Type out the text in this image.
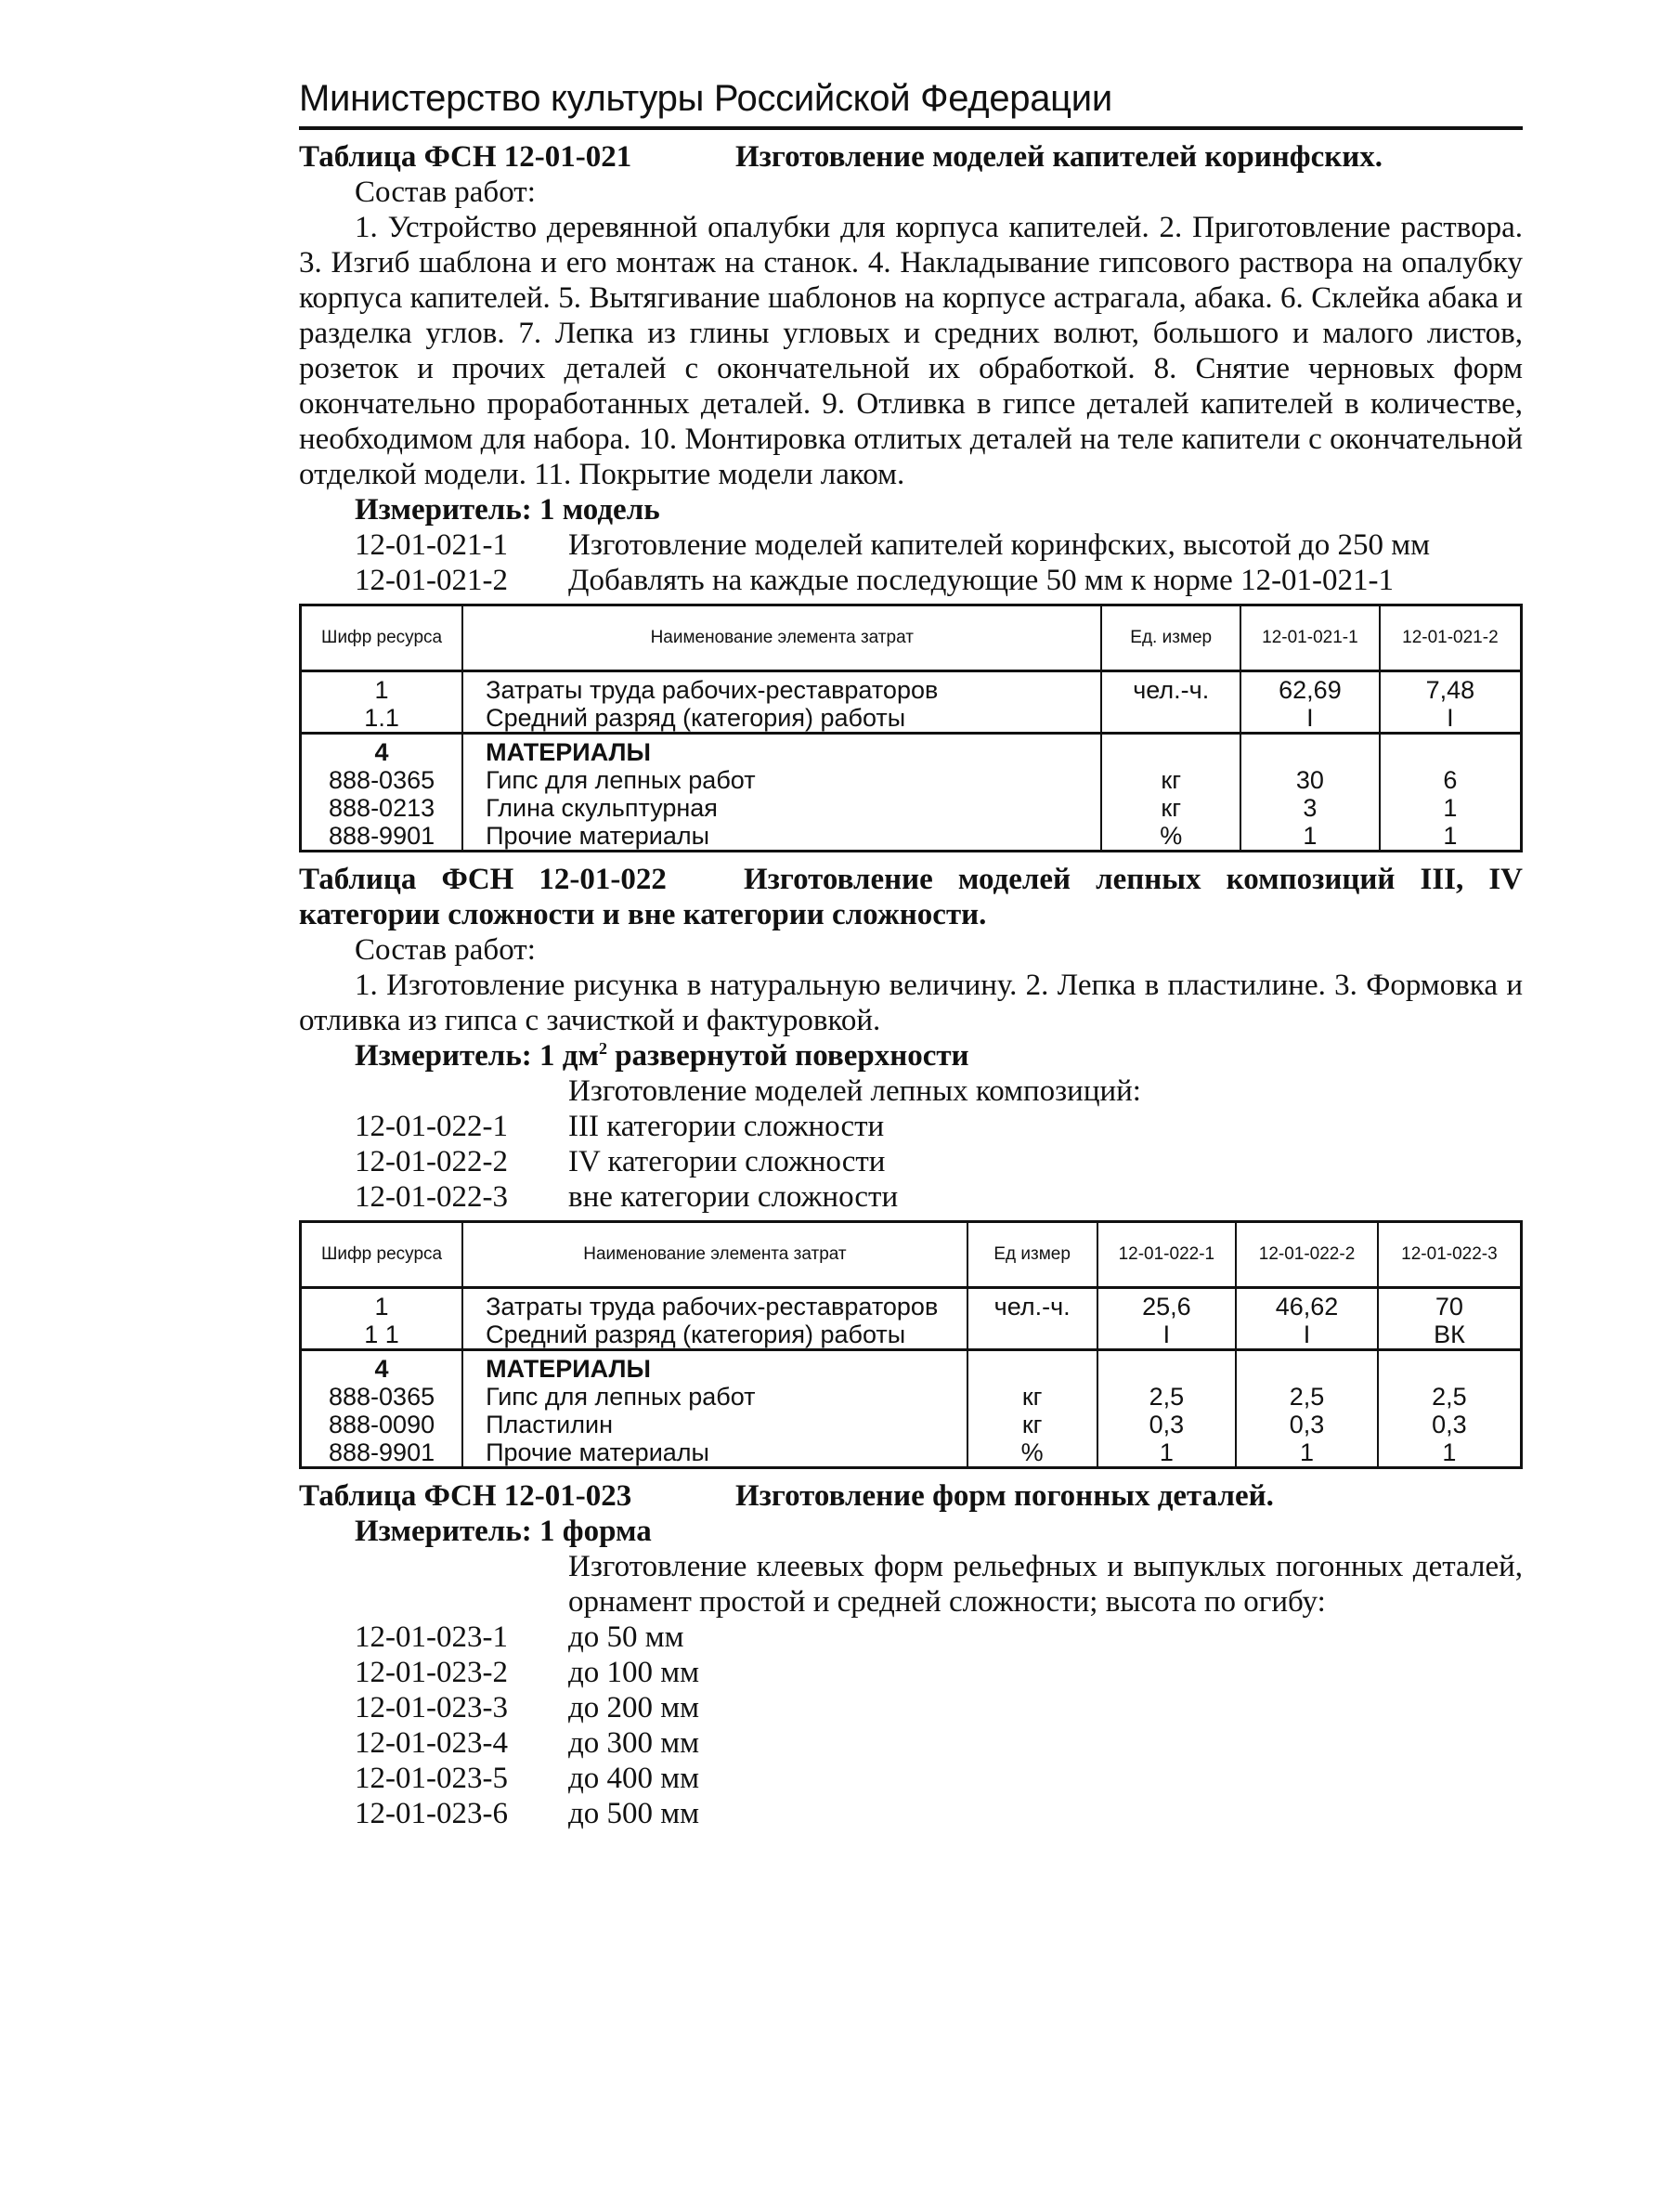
Министерство культуры Российской Федерации
Таблица ФСН 12-01-021	Изготовление моделей капителей коринфских.

Состав работ:

1. Устройство деревянной опалубки для корпуса капителей. 2. Приготовление раствора. 3. Изгиб шаблона и его монтаж на станок. 4. Накладывание гипсового раствора на опалубку корпуса капителей. 5. Вытягивание шаблонов на корпусе астрагала, абака. 6. Склейка абака и разделка углов. 7. Лепка из глины угловых и средних волют, большого и малого листов, розеток и прочих деталей с окончательной их обработкой. 8. Снятие черновых форм окончательно проработанных деталей. 9. Отливка в гипсе деталей капителей в количестве, необходимом для набора. 10. Монтировка отлитых деталей на теле капители с окончательной отделкой модели. 11. Покрытие модели лаком.

Измеритель: 1 модель

12-01-021-1	Изготовление моделей капителей коринфских, высотой до 250 мм
12-01-021-2	Добавлять на каждые последующие 50 мм к норме 12-01-021-1
Шифр ресурса	Наименование элемента затрат	Ед. измер	12-01-021-1	12-01-021-2
1	Затраты труда рабочих-реставраторов	чел.-ч.	62,69	7,48
1.1	Средний разряд (категория) работы		I	I
4	МАТЕРИАЛЫ			
888-0365	Гипс для лепных работ	кг	30	6
888-0213	Глина скульптурная	кг	3	1
888-9901	Прочие материалы	%	1	1
Таблица ФСН 12-01-022	Изготовление моделей лепных композиций III, IV категории сложности и вне категории сложности.

Состав работ:

1. Изготовление рисунка в натуральную величину. 2. Лепка в пластилине. 3. Формовка и отливка из гипса с зачисткой и фактуровкой.

Измеритель: 1 $дм^2$ развернутой поверхности

Изготовление моделей лепных композиций:

12-01-022-1	III категории сложности
12-01-022-2	IV категории сложности
12-01-022-3	вне категории сложности
Шифр ресурса	Наименование элемента затрат	Ед измер	12-01-022-1	12-01-022-2	12-01-022-3
1	Затраты труда рабочих-реставраторов	чел.-ч.	25,6	46,62	70
1 1	Средний разряд (категория) работы		I	I	ВК
4	МАТЕРИАЛЫ				
888-0365	Гипс для лепных работ	кг	2,5	2,5	2,5
888-0090	Пластилин	кг	0,3	0,3	0,3
888-9901	Прочие материалы	%	1	1	1
Таблица ФСН 12-01-023	Изготовление форм погонных деталей.

Измеритель: 1 форма

Изготовление клеевых форм рельефных и выпуклых погонных деталей, орнамент простой и средней сложности; высота по огибу:

12-01-023-1	до 50 мм
12-01-023-2	до 100 мм
12-01-023-3	до 200 мм
12-01-023-4	до 300 мм
12-01-023-5	до 400 мм
12-01-023-6	до 500 мм
